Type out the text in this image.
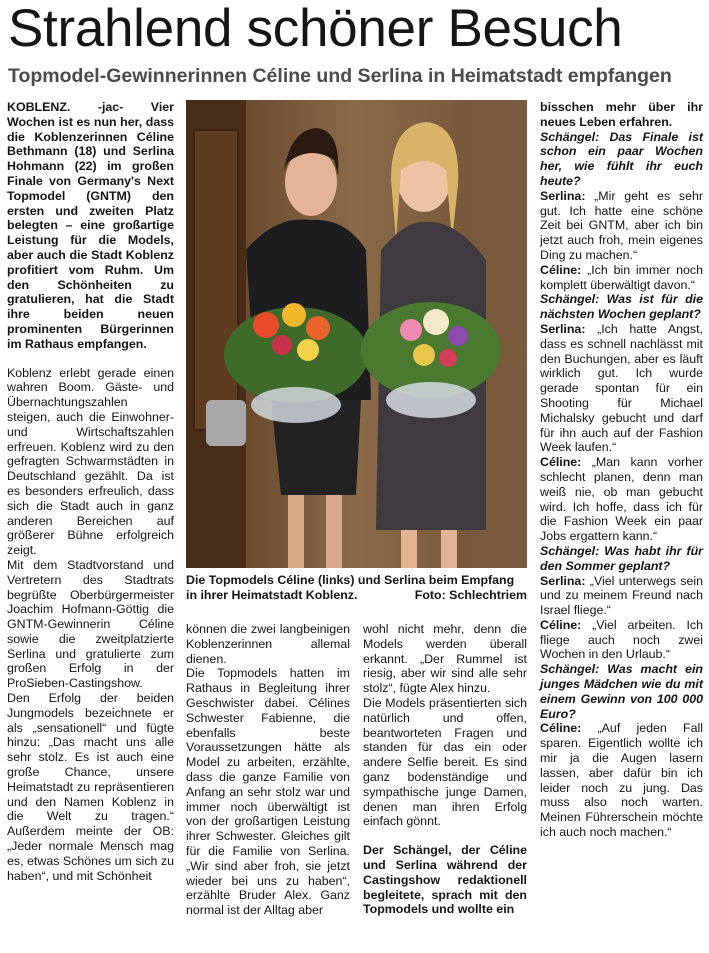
Strahlend schöner Besuch
Topmodel-Gewinnerinnen Céline und Serlina in Heimatstadt empfangen

KOBLENZ. -jac- Vier Wochen ist es nun her, dass die Koblenzerinnen Céline Bethmann (18) und Serlina Hohmann (22) im großen Finale von Germany's Next Topmodel (GNTM) den ersten und zweiten Platz belegten – eine großartige Leistung für die Models, aber auch die Stadt Koblenz profitiert vom Ruhm. Um den Schönheiten zu gratulieren, hat die Stadt ihre beiden neuen prominenten Bürgerinnen im Rathaus empfangen.

Koblenz erlebt gerade einen wahren Boom. Gäste- und Übernachtungszahlen steigen, auch die Einwohner- und Wirtschaftszahlen erfreuen. Koblenz wird zu den gefragten Schwarmstädten in Deutschland gezählt. Da ist es besonders erfreulich, dass sich die Stadt auch in ganz anderen Bereichen auf größerer Bühne erfolgreich zeigt.

Mit dem Stadtvorstand und Vertretern des Stadtrats begrüßte Oberbürgermeister Joachim Hofmann-Göttig die GNTM-Gewinnerin Céline sowie die zweitplatzierte Serlina und gratulierte zum großen Erfolg in der ProSieben-Castingshow.

Den Erfolg der beiden Jungmodels bezeichnete er als „sensationell“ und fügte hinzu: „Das macht uns alle sehr stolz. Es ist auch eine große Chance, unsere Heimatstadt zu repräsentieren und den Namen Koblenz in die Welt zu tragen.“ Außerdem meinte der OB: „Jeder normale Mensch mag es, etwas Schönes um sich zu haben“, und mit Schönheit

Die Topmodels Céline (links) und Serlina beim Empfang
in ihrer Heimatstadt Koblenz.	Foto: Schlechtriem

können die zwei langbeinigen Koblenzerinnen allemal dienen.

Die Topmodels hatten im Rathaus in Begleitung ihrer Geschwister dabei. Célines Schwester Fabienne, die ebenfalls beste Voraussetzungen hätte als Model zu arbeiten, erzählte, dass die ganze Familie von Anfang an sehr stolz war und immer noch überwältigt ist von der großartigen Leistung ihrer Schwester. Gleiches gilt für die Familie von Serlina. „Wir sind aber froh, sie jetzt wieder bei uns zu haben“, erzählte Bruder Alex. Ganz normal ist der Alltag aber

wohl nicht mehr, denn die Models werden überall erkannt. „Der Rummel ist riesig, aber wir sind alle sehr stolz“, fügte Alex hinzu.

Die Models präsentierten sich natürlich und offen, beantworteten Fragen und standen für das ein oder andere Selfie bereit. Es sind ganz bodenständige und sympathische junge Damen, denen man ihren Erfolg einfach gönnt.

Der Schängel, der Céline und Serlina während der Castingshow redaktionell begleitete, sprach mit den Topmodels und wollte ein

bisschen mehr über ihr neues Leben erfahren.

Schängel: Das Finale ist schon ein paar Wochen her, wie fühlt ihr euch heute?

Serlina: „Mir geht es sehr gut. Ich hatte eine schöne Zeit bei GNTM, aber ich bin jetzt auch froh, mein eigenes Ding zu machen.“

Céline: „Ich bin immer noch komplett überwältigt davon.“

Schängel: Was ist für die nächsten Wochen geplant?

Serlina: „Ich hatte Angst, dass es schnell nachlässt mit den Buchungen, aber es läuft wirklich gut. Ich wurde gerade spontan für ein Shooting für Michael Michalsky gebucht und darf für ihn auch auf der Fashion Week laufen.“

Céline: „Man kann vorher schlecht planen, denn man weiß nie, ob man gebucht wird. Ich hoffe, dass ich für die Fashion Week ein paar Jobs ergattern kann.“

Schängel: Was habt ihr für den Sommer geplant?

Serlina: „Viel unterwegs sein und zu meinem Freund nach Israel fliege.“

Céline: „Viel arbeiten. Ich fliege auch noch zwei Wochen in den Urlaub.“

Schängel: Was macht ein junges Mädchen wie du mit einem Gewinn von 100 000 Euro?

Céline: „Auf jeden Fall sparen. Eigentlich wollte ich mir ja die Augen lasern lassen, aber dafür bin ich leider noch zu jung. Das muss also noch warten. Meinen Führerschein möchte ich auch noch machen.“
